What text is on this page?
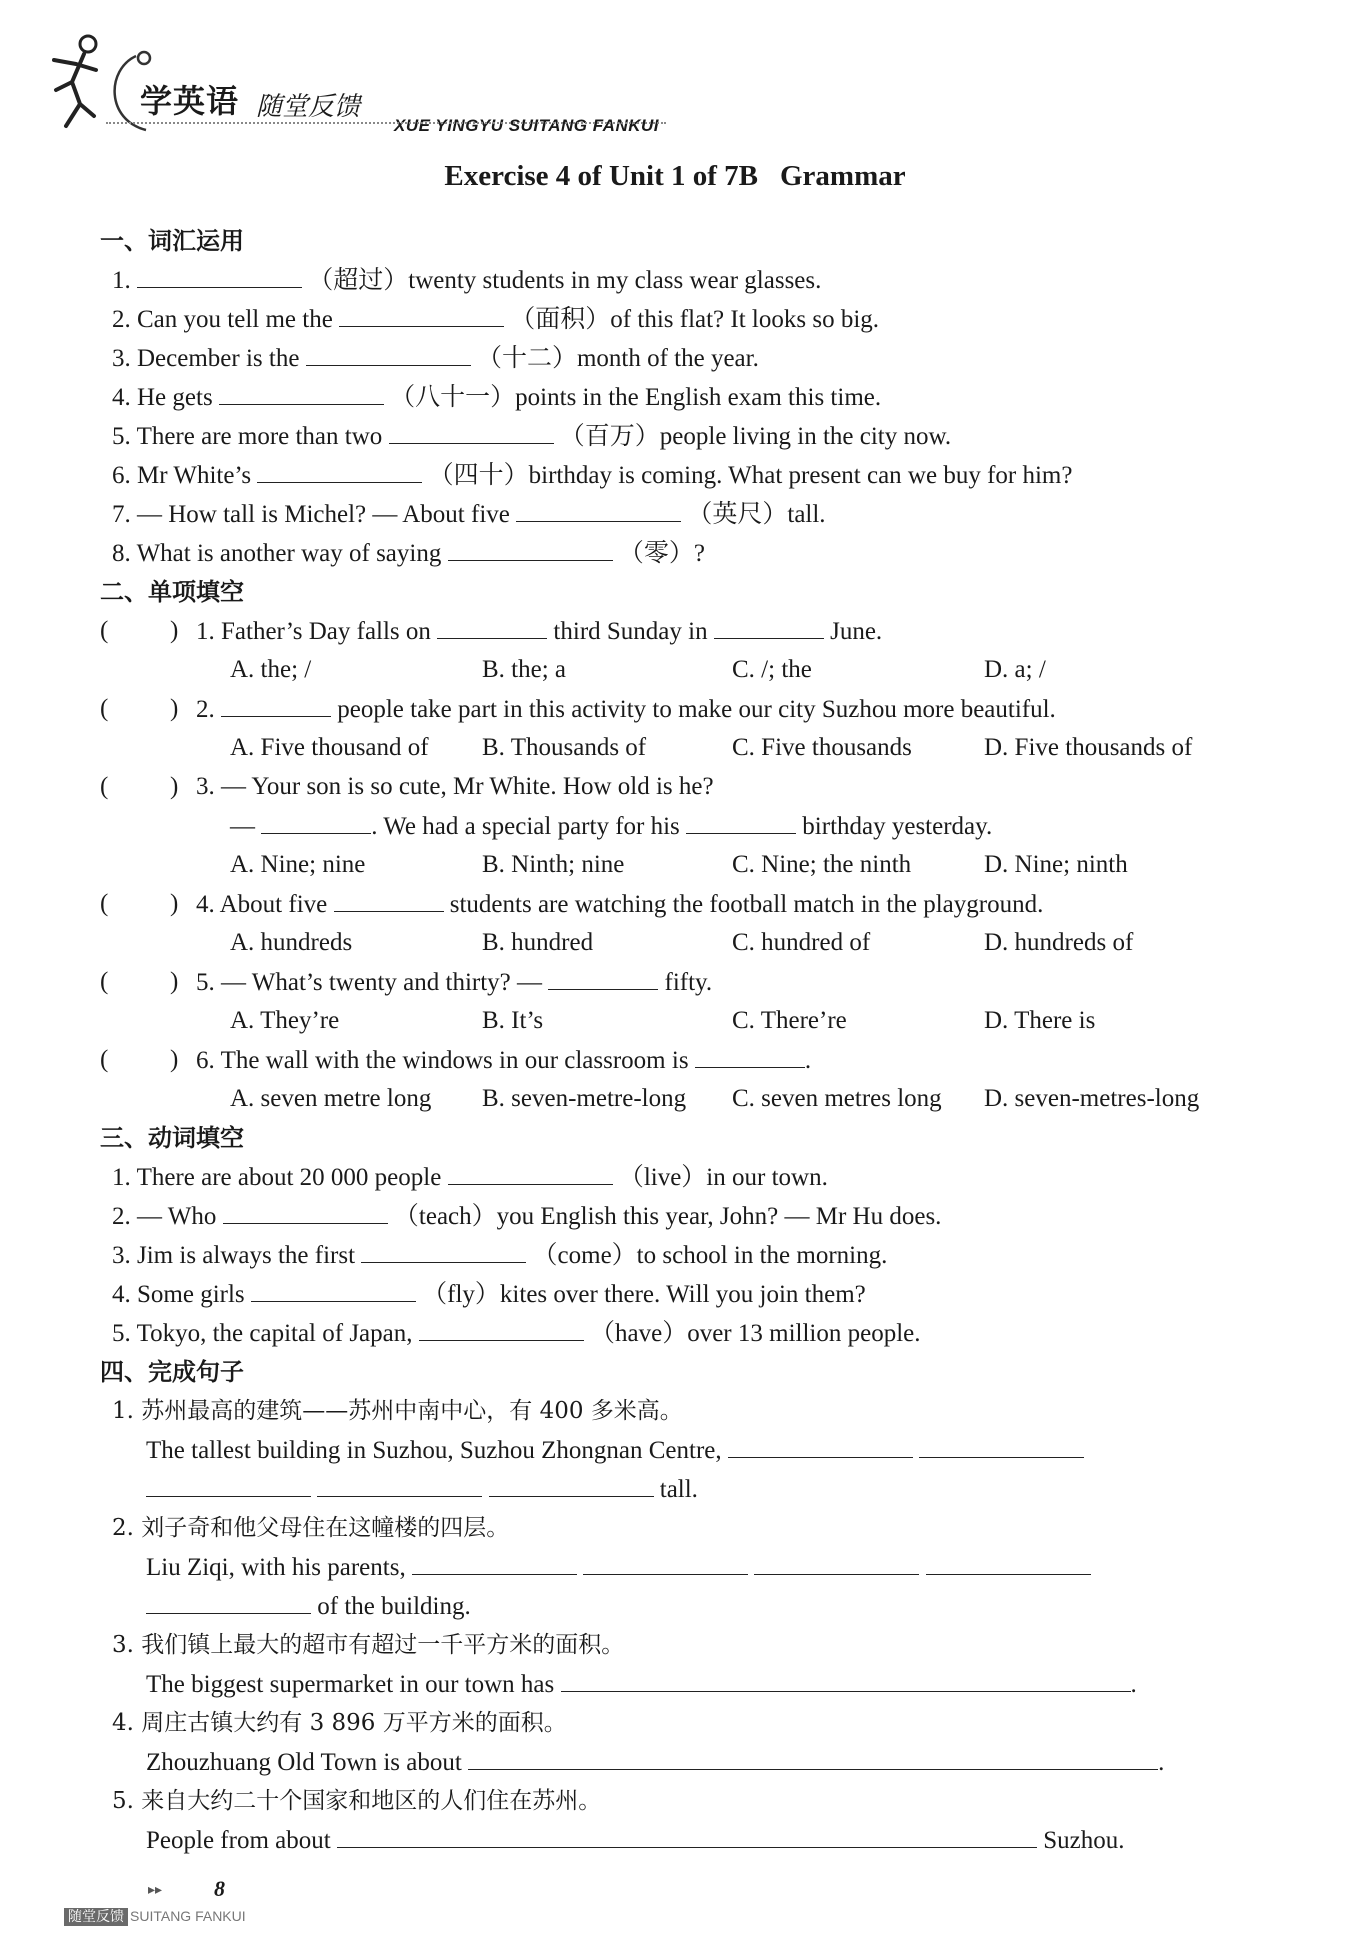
学英语 随堂反馈
XUE YINGYU SUITANG FANKUI
Exercise 4 of Unit 1 of 7B Grammar
一、词汇运用
1.	（超过）twenty students in my class wear glasses.
2. Can you tell me the	（面积）of this flat? It looks so big.
3. December is the	（十二）month of the year.
4. He gets	（八十一）points in the English exam this time.
5. There are more than two	（百万）people living in the city now.
6. Mr White’s	（四十）birthday is coming. What present can we buy for him?
7. — How tall is Michel? — About five	（英尺）tall.
8. What is another way of saying	（零）?
二、单项填空
( ) 1. Father’s Day falls on	third Sunday in	June.
A. the; /	B. the; a	C. /; the	D. a; /
( ) 2.	people take part in this activity to make our city Suzhou more beautiful.
A. Five thousand of B. Thousands of	C. Five thousands	D. Five thousands of
( ) 3. — Your son is so cute, Mr White. How old is he?
—	. We had a special party for his	birthday yesterday.
A. Nine; nine	B. Ninth; nine	C. Nine; the ninth	D. Nine; ninth
( ) 4. About five	students are watching the football match in the playground.
A. hundreds	B. hundred	C. hundred of	D. hundreds of
( ) 5. — What’s twenty and thirty? —	fifty.
A. They’re	B. It’s	C. There’re	D. There is
( ) 6. The wall with the windows in our classroom is	.
A. seven metre long B. seven-metre-long C. seven metres long D. seven-metres-long
三、动词填空
1. There are about 20 000 people	（live）in our town.
2. — Who	（teach）you English this year, John? — Mr Hu does.
3. Jim is always the first	（come）to school in the morning.
4. Some girls	（fly）kites over there. Will you join them?
5. Tokyo, the capital of Japan,	（have）over 13 million people.
四、完成句子
1. 苏州最高的建筑——苏州中南中心，有 400 多米高。
The tallest building in Suzhou, Suzhou Zhongnan Centre,
tall.
2. 刘子奇和他父母住在这幢楼的四层。
Liu Ziqi, with his parents,
of the building.
3. 我们镇上最大的超市有超过一千平方米的面积。
The biggest supermarket in our town has	.
4. 周庄古镇大约有 3 896 万平方米的面积。
Zhouzhuang Old Town is about	.
5. 来自大约二十个国家和地区的人们住在苏州。
People from about	Suzhou.
▸▸ 8
随堂反馈 SUITANG FANKUI
